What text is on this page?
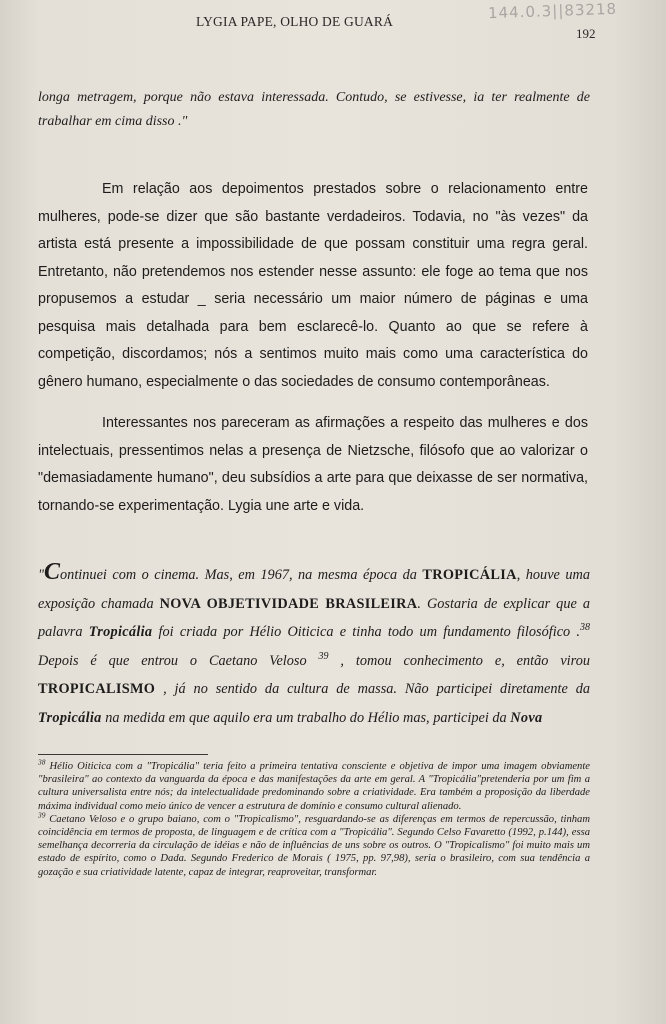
144.0.3||83218
LYGIA PAPE, OLHO DE GUARÁ
192
longa metragem, porque não estava interessada. Contudo, se estivesse, ia ter realmente de trabalhar em cima disso ."
Em relação aos depoimentos prestados sobre o relacionamento entre mulheres, pode-se dizer que são bastante verdadeiros. Todavia, no "às vezes" da artista está presente a impossibilidade de que possam constituir uma regra geral. Entretanto, não pretendemos nos estender nesse assunto: ele foge ao tema que nos propusemos a estudar _ seria necessário um maior número de páginas e uma pesquisa mais detalhada para bem esclarecê-lo. Quanto ao que se refere à competição, discordamos; nós a sentimos muito mais como uma característica do gênero humano, especialmente o das sociedades de consumo contemporâneas.
Interessantes nos pareceram as afirmações a respeito das mulheres e dos intelectuais, pressentimos nelas a presença de Nietzsche, filósofo que ao valorizar o "demasiadamente humano", deu subsídios a arte para que deixasse de ser normativa, tornando-se experimentação. Lygia une arte e vida.
"Continuei com o cinema. Mas, em 1967, na mesma época da TROPICÁLIA, houve uma exposição chamada NOVA OBJETIVIDADE BRASILEIRA. Gostaria de explicar que a palavra Tropicália foi criada por Hélio Oiticica e tinha todo um fundamento filosófico .$^{38}$ Depois é que entrou o Caetano Veloso $^{39}$ , tomou conhecimento e, então virou TROPICALISMO , já no sentido da cultura de massa. Não participei diretamente da Tropicália na medida em que aquilo era um trabalho do Hélio mas, participei da Nova

$^{38}$ Hélio Oiticica com a "Tropicália" teria feito a primeira tentativa consciente e objetiva de impor uma imagem obviamente "brasileira" ao contexto da vanguarda da época e das manifestações da arte em geral. A "Tropicália"pretenderia por um fim a cultura universalista entre nós; da intelectualidade predominando sobre a criatividade. Era também a proposição da liberdade máxima individual como meio único de vencer a estrutura de domínio e consumo cultural alienado.

$^{39}$ Caetano Veloso e o grupo baiano, com o "Tropicalismo", resguardando-se as diferenças em termos de repercussão, tinham coincidência em termos de proposta, de linguagem e de crítica com a "Tropicália". Segundo Celso Favaretto (1992, p.144), essa semelhança decorreria da circulação de idéias e não de influências de uns sobre os outros. O "Tropicalismo" foi muito mais um estado de espírito, como o Dada. Segundo Frederico de Morais ( 1975, pp. 97,98), seria o brasileiro, com sua tendência a gozação e sua criatividade latente, capaz de integrar, reaproveitar, transformar.
